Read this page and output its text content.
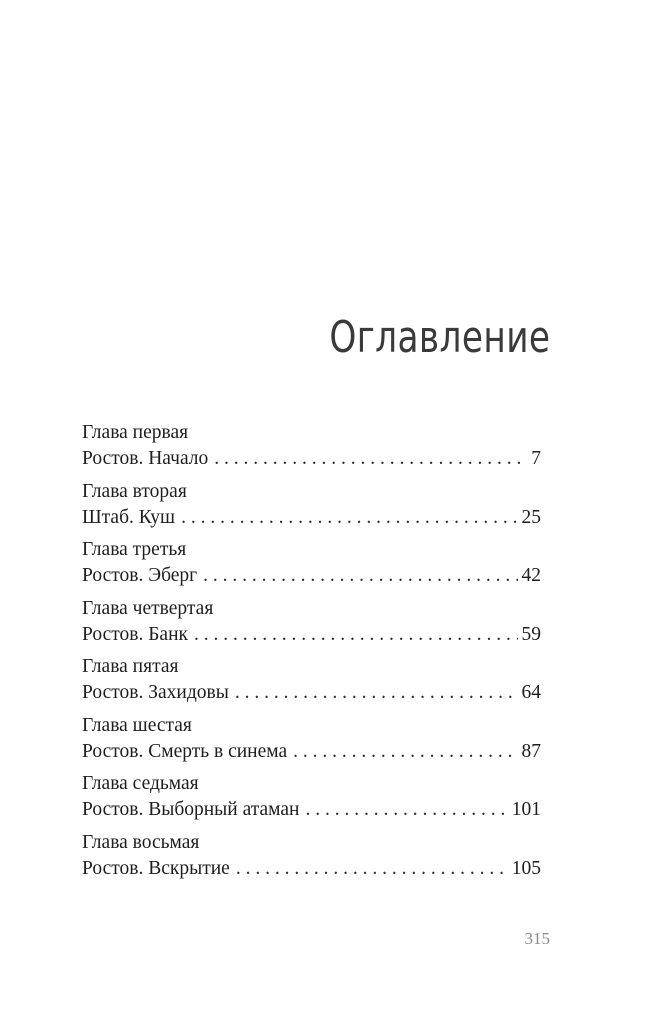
Оглавление
Глава первая
Ростов. Начало . . .	7
Глава вторая
Штаб. Куш . . .	25
Глава третья
Ростов. Эберг . . .	42
Глава четвертая
Ростов. Банк . . .	59
Глава пятая
Ростов. Захидовы . . .	64
Глава шестая
Ростов. Смерть в синема . . .	87
Глава седьмая
Ростов. Выборный атаман . . .	101
Глава восьмая
Ростов. Вскрытие . . .	105
315
